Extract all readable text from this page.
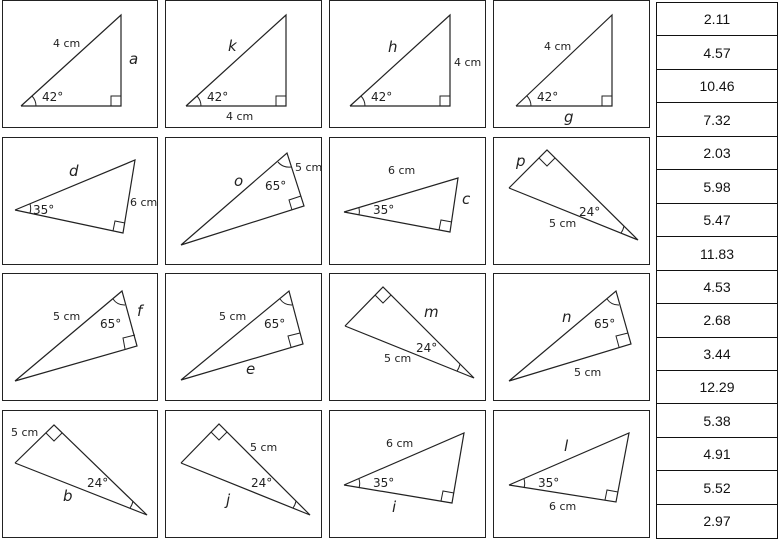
4 cm
a
42°
k
42°
4 cm
h
4 cm
42°
4 cm
42°
g
d
6 cm
35°
o
5 cm
65°
6 cm
c
35°
p
24°
5 cm
5 cm	f
65°
5 cm
65°
e
m
24°
5 cm
n 65°
5 cm
5 cm
24°
b
5 cm
24°
j
6 cm
35°
i
l
35°
6 cm
2.11
4.57
10.46
7.32
2.03
5.98
5.47
11.83
4.53
2.68
3.44
12.29
5.38
4.91
5.52
2.97
